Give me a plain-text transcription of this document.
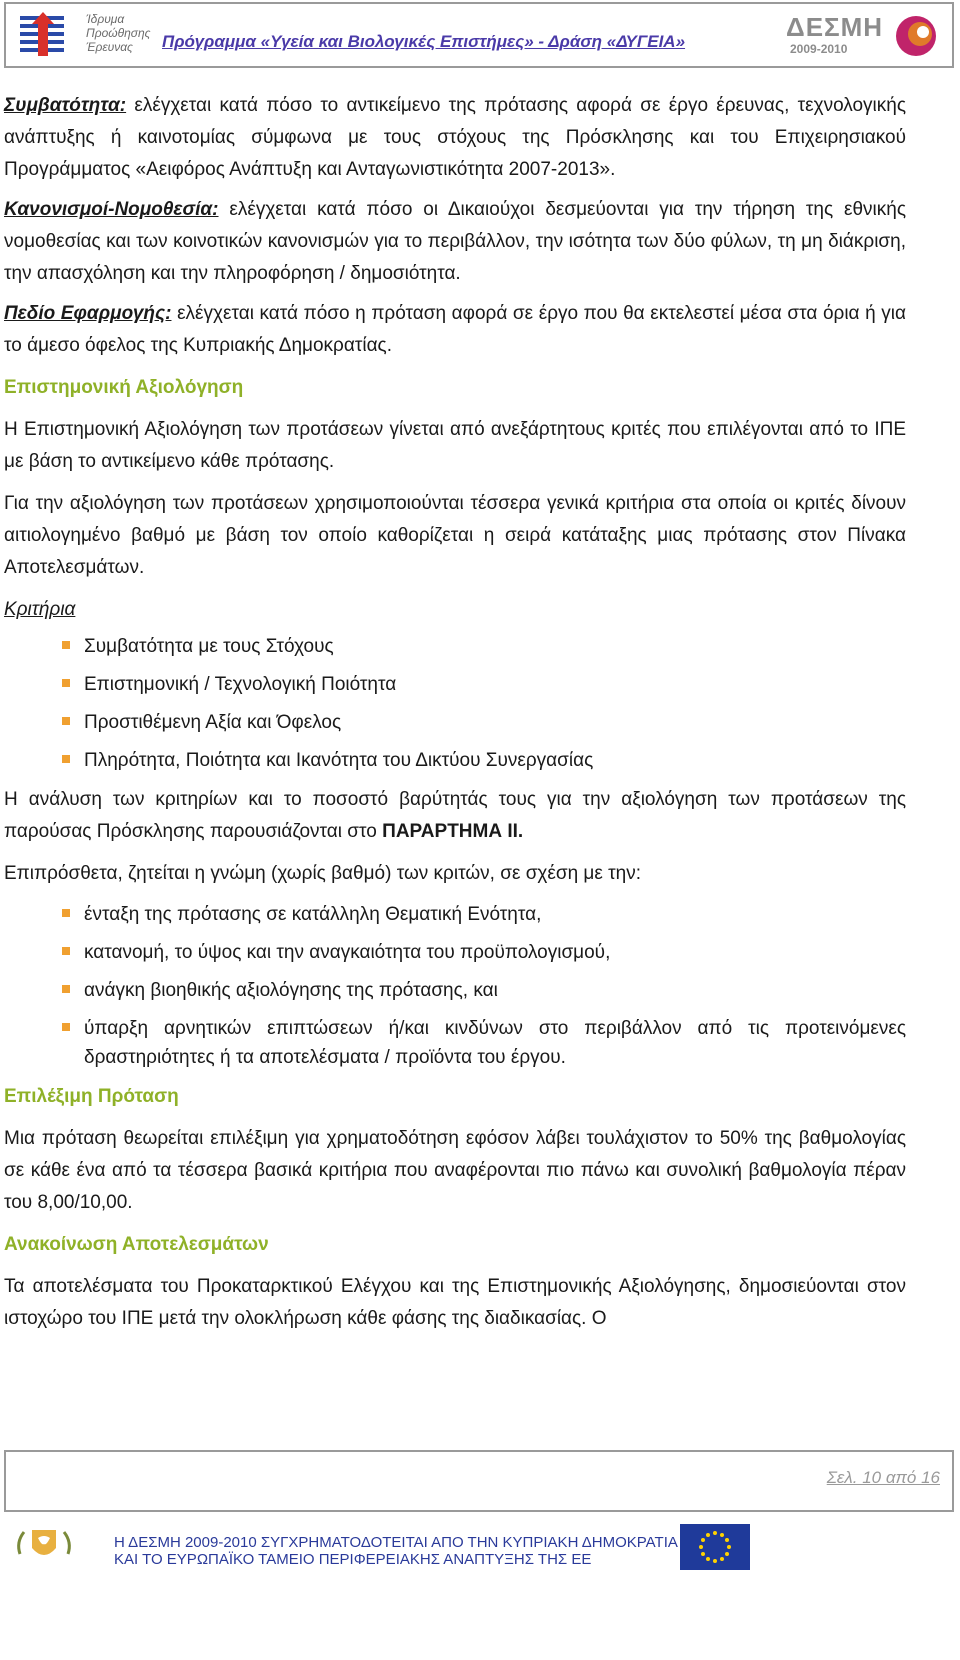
Ίδρυμα
Προώθησης
Έρευνας	Πρόγραμμα «Υγεία και Βιολογικές Επιστήμες» - Δράση «ΔΥΓΕΙΑ»	ΔΕΣΜΗ
2009-2010

Συμβατότητα: ελέγχεται κατά πόσο το αντικείμενο της πρότασης αφορά σε έργο έρευνας, τεχνολογικής ανάπτυξης ή καινοτομίας σύμφωνα με τους στόχους της Πρόσκλησης και του Επιχειρησιακού Προγράμματος «Αειφόρος Ανάπτυξη και Ανταγωνιστικότητα 2007-2013».

Κανονισμοί-Νομοθεσία: ελέγχεται κατά πόσο οι Δικαιούχοι δεσμεύονται για την τήρηση της εθνικής νομοθεσίας και των κοινοτικών κανονισμών για το περιβάλλον, την ισότητα των δύο φύλων, τη μη διάκριση, την απασχόληση και την πληροφόρηση / δημοσιότητα.

Πεδίο Εφαρμογής: ελέγχεται κατά πόσο η πρόταση αφορά σε έργο που θα εκτελεστεί μέσα στα όρια ή για το άμεσο όφελος της Κυπριακής Δημοκρατίας.

Επιστημονική Αξιολόγηση

Η Επιστημονική Αξιολόγηση των προτάσεων γίνεται από ανεξάρτητους κριτές που επιλέγονται από το ΙΠΕ με βάση το αντικείμενο κάθε πρότασης.

Για την αξιολόγηση των προτάσεων χρησιμοποιούνται τέσσερα γενικά κριτήρια στα οποία οι κριτές δίνουν αιτιολογημένο βαθμό με βάση τον οποίο καθορίζεται η σειρά κατάταξης μιας πρότασης στον Πίνακα Αποτελεσμάτων.

Κριτήρια
Συμβατότητα με τους Στόχους
Επιστημονική / Τεχνολογική Ποιότητα
Προστιθέμενη Αξία και Όφελος
Πληρότητα, Ποιότητα και Ικανότητα του Δικτύου Συνεργασίας

Η ανάλυση των κριτηρίων και το ποσοστό βαρύτητάς τους για την αξιολόγηση των προτάσεων της παρούσας Πρόσκλησης παρουσιάζονται στο ΠΑΡΑΡΤΗΜΑ ΙΙ.

Επιπρόσθετα, ζητείται η γνώμη (χωρίς βαθμό) των κριτών, σε σχέση με την:

ένταξη της πρότασης σε κατάλληλη Θεματική Ενότητα,
κατανομή, το ύψος και την αναγκαιότητα του προϋπολογισμού,
ανάγκη βιοηθικής αξιολόγησης της πρότασης, και
ύπαρξη αρνητικών επιπτώσεων ή/και κινδύνων στο περιβάλλον από τις προτεινόμενες δραστηριότητες ή τα αποτελέσματα / προϊόντα του έργου.
Επιλέξιμη Πρόταση

Μια πρόταση θεωρείται επιλέξιμη για χρηματοδότηση εφόσον λάβει τουλάχιστον το 50% της βαθμολογίας σε κάθε ένα από τα τέσσερα βασικά κριτήρια που αναφέρονται πιο πάνω και συνολική βαθμολογία πέραν του 8,00/10,00.

Ανακοίνωση Αποτελεσμάτων

Τα αποτελέσματα του Προκαταρκτικού Ελέγχου και της Επιστημονικής Αξιολόγησης, δημοσιεύονται στον ιστοχώρο του ΙΠΕ μετά την ολοκλήρωση κάθε φάσης της διαδικασίας. Ο

Σελ. 10 από 16
Η ΔΕΣΜΗ 2009-2010 ΣΥΓΧΡΗΜΑΤΟΔΟΤΕΙΤΑΙ ΑΠΟ ΤΗΝ ΚΥΠΡΙΑΚΗ ΔΗΜΟΚΡΑΤΙΑ
ΚΑΙ ΤΟ ΕΥΡΩΠΑΪΚΟ ΤΑΜΕΙΟ ΠΕΡΙΦΕΡΕΙΑΚΗΣ ΑΝΑΠΤΥΞΗΣ ΤΗΣ ΕΕ
